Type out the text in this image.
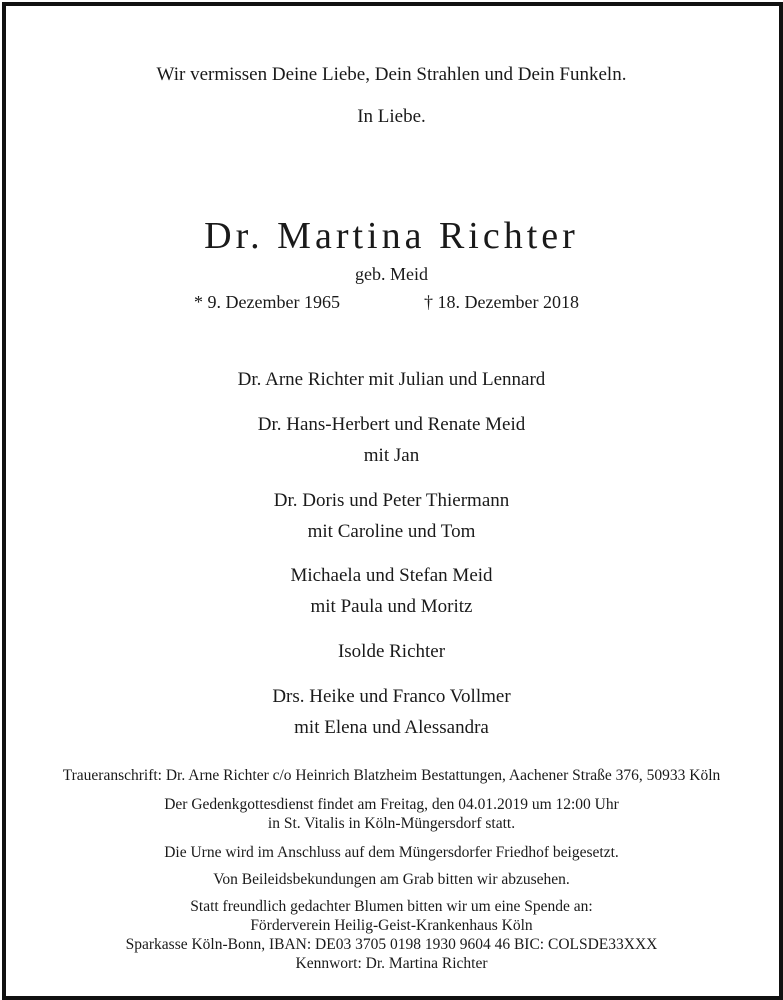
Wir vermissen Deine Liebe, Dein Strahlen und Dein Funkeln.
In Liebe.
Dr. Martina Richter
geb. Meid
* 9. Dezember 1965	† 18. Dezember 2018
Dr. Arne Richter mit Julian und Lennard
Dr. Hans-Herbert und Renate Meid
mit Jan
Dr. Doris und Peter Thiermann
mit Caroline und Tom
Michaela und Stefan Meid
mit Paula und Moritz
Isolde Richter
Drs. Heike und Franco Vollmer
mit Elena und Alessandra
Traueranschrift: Dr. Arne Richter c/o Heinrich Blatzheim Bestattungen, Aachener Straße 376, 50933 Köln
Der Gedenkgottesdienst findet am Freitag, den 04.01.2019 um 12:00 Uhr
in St. Vitalis in Köln-Müngersdorf statt.
Die Urne wird im Anschluss auf dem Müngersdorfer Friedhof beigesetzt.
Von Beileidsbekundungen am Grab bitten wir abzusehen.
Statt freundlich gedachter Blumen bitten wir um eine Spende an:
Förderverein Heilig-Geist-Krankenhaus Köln
Sparkasse Köln-Bonn, IBAN: DE03 3705 0198 1930 9604 46 BIC: COLSDE33XXX
Kennwort: Dr. Martina Richter
